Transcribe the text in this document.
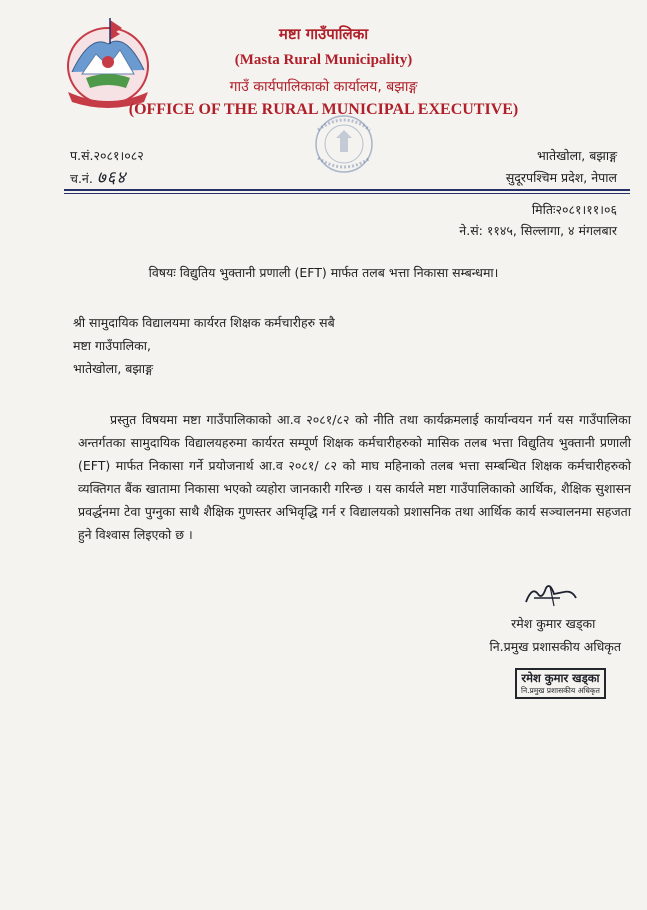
मष्टा गाउँपालिका
(Masta Rural Municipality)
गाउँ कार्यपालिकाको कार्यालय, बझाङ्ग
(OFFICE OF THE RURAL MUNICIPAL EXECUTIVE)
प.सं.२०८१।०८२
च.नं. ७६४
भातेखोला, बझाङ्ग
सुदूरपश्चिम प्रदेश, नेपाल
मितिः२०८१।११।०६
ने.सं: ११४५, सिल्लागा, ४ मंगलबार
विषयः विद्युतिय भुक्तानी प्रणाली (EFT) मार्फत तलब भत्ता निकासा सम्बन्धमा।
श्री सामुदायिक विद्यालयमा कार्यरत शिक्षक कर्मचारीहरु सबै
मष्टा गाउँपालिका,
भातेखोला, बझाङ्ग
प्रस्तुत विषयमा मष्टा गाउँपालिकाको आ.व २०८१/८२ को नीति तथा कार्यक्रमलाई कार्यान्वयन गर्न यस गाउँपालिका अन्तर्गतका सामुदायिक विद्यालयहरुमा कार्यरत सम्पूर्ण शिक्षक कर्मचारीहरुको मासिक तलब भत्ता विद्युतिय भुक्तानी प्रणाली (EFT) मार्फत निकासा गर्ने प्रयोजनार्थ आ.व २०८१/ ८२ को माघ महिनाको तलब भत्ता सम्बन्धित शिक्षक कर्मचारीहरुको व्यक्तिगत बैंक खातामा निकासा भएको व्यहोरा जानकारी गरिन्छ । यस कार्यले मष्टा गाउँपालिकाको आर्थिक, शैक्षिक सुशासन प्रवर्द्धनमा टेवा पुग्नुका साथै शैक्षिक गुणस्तर अभिवृद्धि गर्न र विद्यालयको प्रशासनिक तथा आर्थिक कार्य सञ्चालनमा सहजता हुने विश्वास लिइएको छ ।
रमेश कुमार खड्का
नि.प्रमुख प्रशासकीय अधिकृत
रमेश कुमार खड्का
नि.प्रमुख प्रशासकीय अधिकृत
